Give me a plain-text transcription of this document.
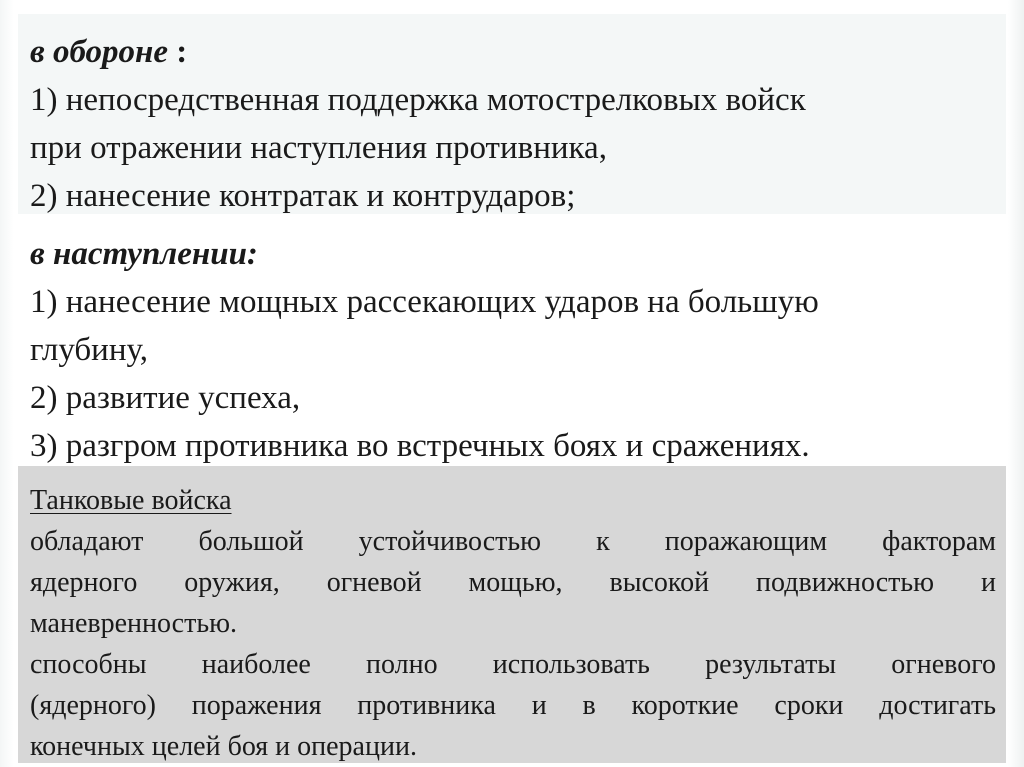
в обороне :
1) непосредственная поддержка мотострелковых войск
при отражении наступления противника,
2) нанесение контратак и контрударов;

в наступлении:
1) нанесение мощных рассекающих ударов на большую
глубину,
2) развитие успеха,
3) разгром противника во встречных боях и сражениях.

Танковые войска
обладают большой устойчивостью к поражающим факторам
ядерного оружия, огневой мощью, высокой подвижностью и
маневренностью.
способны наиболее полно использовать результаты огневого
(ядерного) поражения противника и в короткие сроки достигать
конечных целей боя и операции.
